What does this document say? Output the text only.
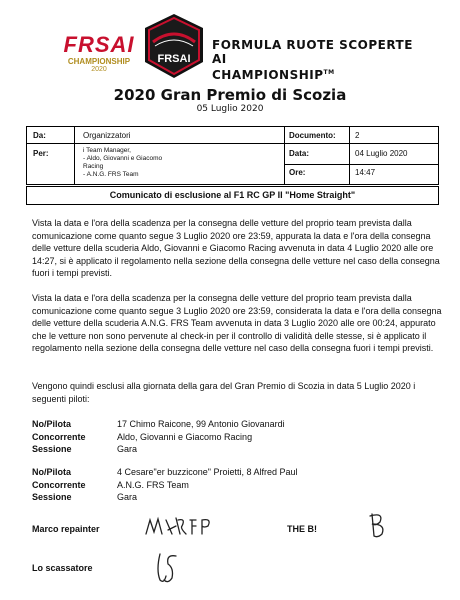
FRSAI
CHAMPIONSHIP
2020
FRSAI
FORMULA RUOTE SCOPERTE AI
CHAMPIONSHIP™
2020 Gran Premio di Scozia
05 Luglio 2020
Da:	Organizzatori
Per:	i Team Manager,
- Aldo, Giovanni e Giacomo
Racing
- A.N.G. FRS Team
Documento: 2
Data:	04 Luglio 2020
Ore:	14:47
Comunicato di esclusione al F1 RC GP II "Home Straight"

Vista la data e l'ora della scadenza per la consegna delle vetture del proprio team prevista dalla comunicazione come quanto segue 3 Luglio 2020 ore 23:59, appurata la data e l'ora della consegna delle vetture della scuderia Aldo, Giovanni e Giacomo Racing avvenuta in data 4 Luglio 2020 alle ore 14:27, si è applicato il regolamento nella sezione della consegna delle vetture nel caso della consegna fuori i tempi previsti.

Vista la data e l'ora della scadenza per la consegna delle vetture del proprio team prevista dalla comunicazione come quanto segue 3 Luglio 2020 ore 23:59, considerata la data e l'ora della consegna delle vetture della scuderia A.N.G. FRS Team avvenuta in data 3 Luglio 2020 alle ore 00:24, appurato che le vetture non sono pervenute al check-in per il controllo di validità delle stesse, si è applicato il regolamento nella sezione della consegna delle vetture nel caso della consegna fuori i tempi previsti.

Vengono quindi esclusi alla giornata della gara del Gran Premio di Scozia in data 5 Luglio 2020 i seguenti piloti:

No/Pilota	17 Chimo Raicone, 99 Antonio Giovanardi
Concorrente	Aldo, Giovanni e Giacomo Racing
Sessione	Gara
No/Pilota	4 Cesare"er buzzicone" Proietti, 8 Alfred Paul
Concorrente	A.N.G. FRS Team
Sessione	Gara
Marco repainter	THE B!
Lo scassatore
